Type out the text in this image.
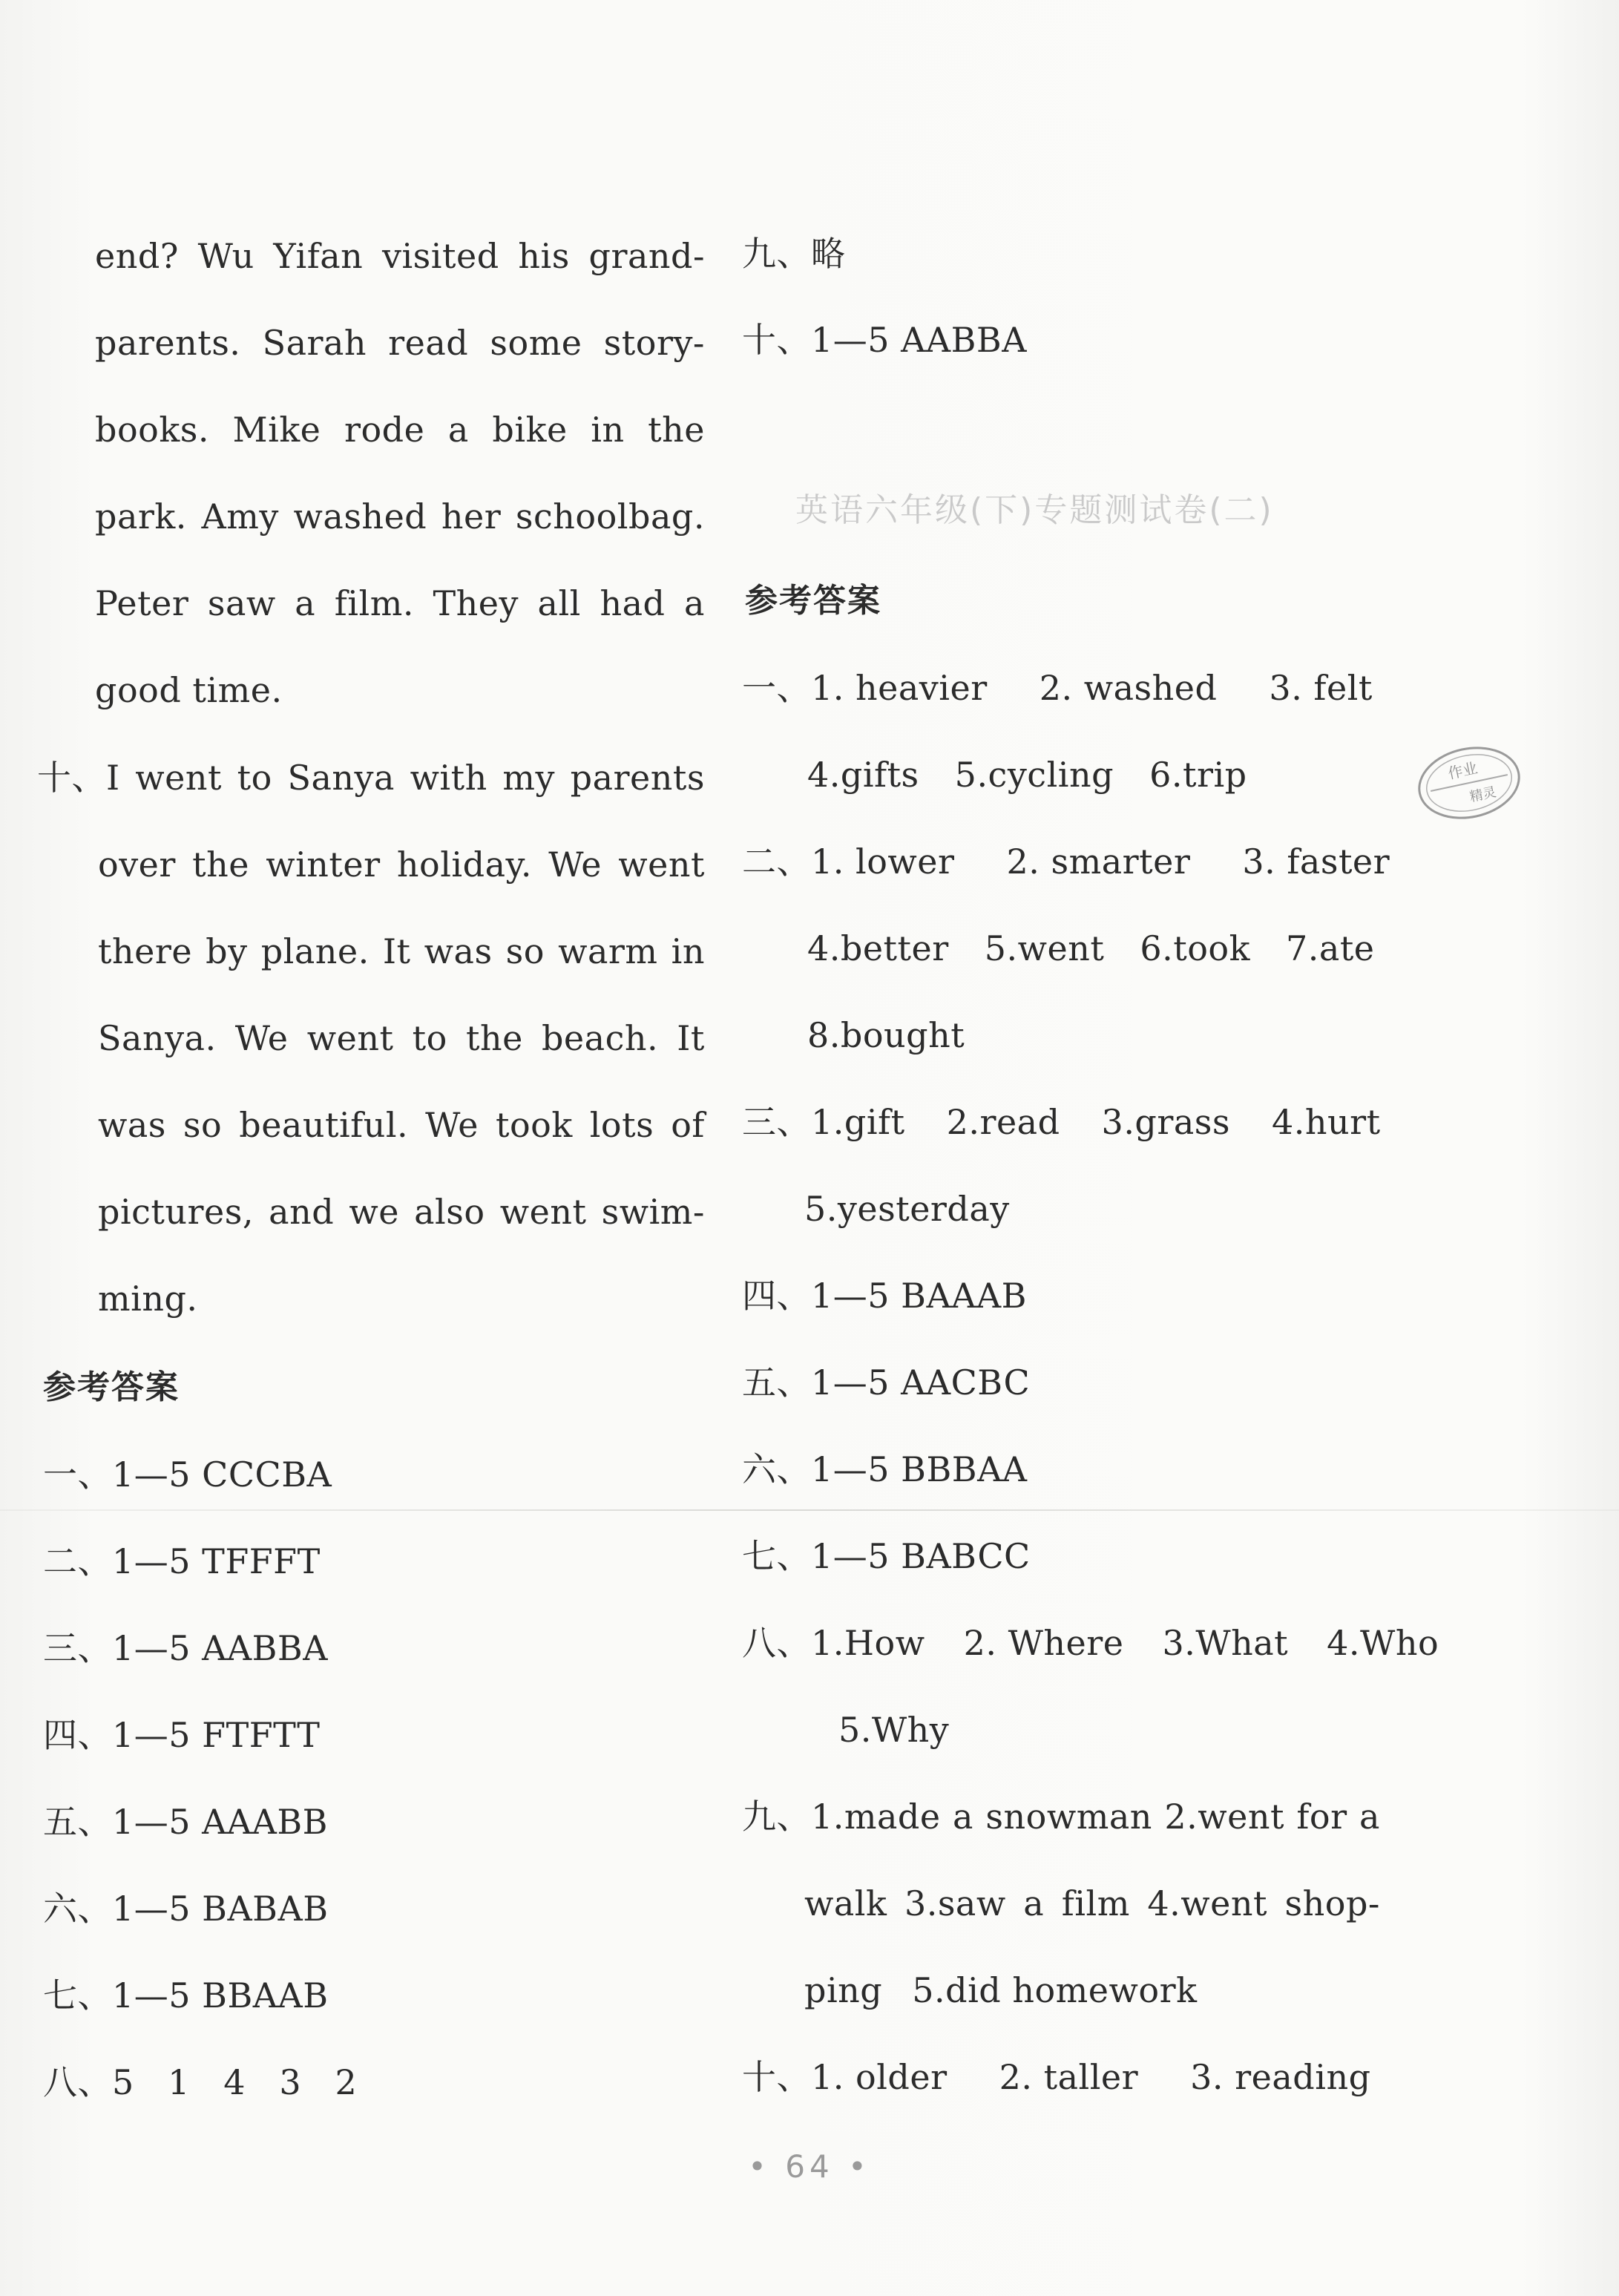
end? Wu Yifan visited his grand-
parents. Sarah read some story-
books. Mike rode a bike in the
park. Amy washed her schoolbag.
Peter saw a film. They all had a
good time.
十、I went to Sanya with my parents
over the winter holiday. We went
there by plane. It was so warm in
Sanya. We went to the beach. It
was so beautiful. We took lots of
pictures, and we also went swim-
ming.
参考答案
一、1—5 CCCBA
二、1—5 TFFFT
三、1—5 AABBA
四、1—5 FTFTT
五、1—5 AAABB
六、1—5 BABAB
七、1—5 BBAAB
八、5   1   4   3   2
九、略
十、1—5 AABBA
英语六年级(下)专题测试卷(二)
参考答案
一、1. heavier 2. washed 3. felt
4.gifts 5.cycling 6.trip
二、1. lower 2. smarter 3. faster
4.better 5.went 6.took 7.ate
8.bought
三、1.gift 2.read 3.grass 4.hurt
5.yesterday
四、1—5 BAAAB
五、1—5 AACBC
六、1—5 BBBAA
七、1—5 BABCC
八、1.How 2. Where 3.What 4.Who
5.Why
九、1.made a snowman 2.went for a
walk 3.saw a film 4.went shop-
ping 5.did homework
十、1. older 2. taller 3. reading
作业
精灵
• 64 •
